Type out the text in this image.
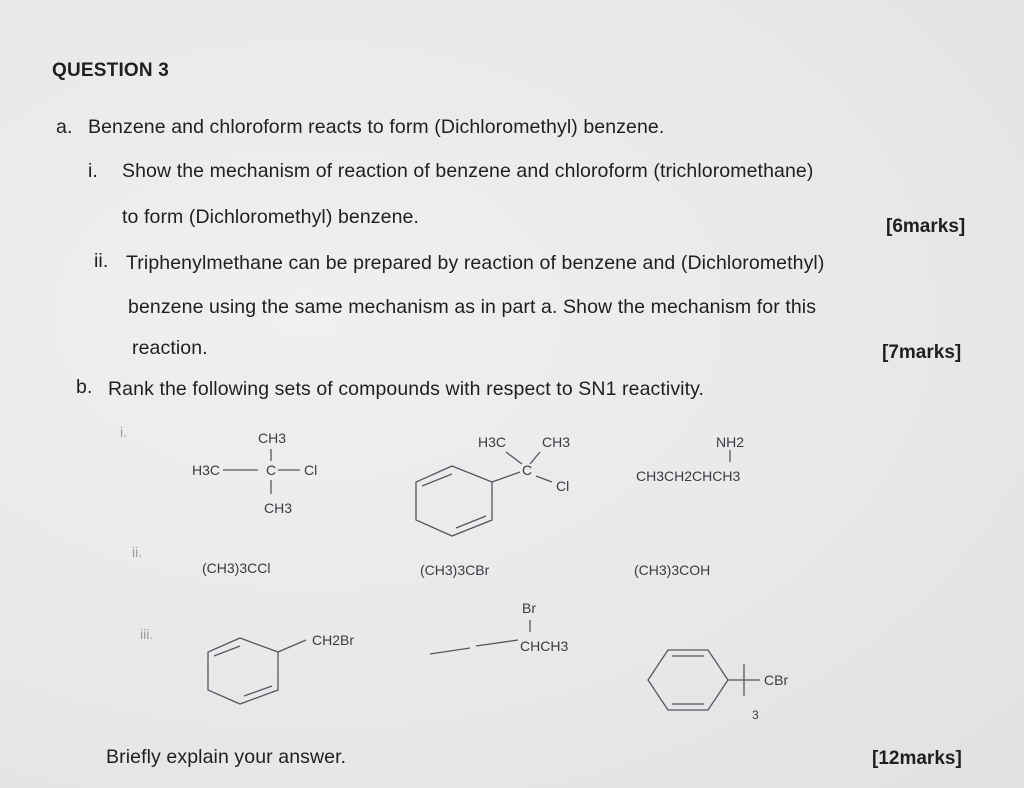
QUESTION 3
a. Benzene and chloroform reacts to form (Dichloromethyl) benzene.
i. Show the mechanism of reaction of benzene and chloroform (trichloromethane)
to form (Dichloromethyl) benzene.	[6marks]
ii. Triphenylmethane can be prepared by reaction of benzene and (Dichloromethyl)
benzene using the same mechanism as in part a. Show the mechanism for this
reaction.	[7marks]
b. Rank the following sets of compounds with respect to SN1 reactivity.
i.	CH3
H3C	C Cl
CH3
H3C	CH3
C
Cl
NH2
CH3CH2CHCH3
ii.
(CH3)3CCl	(CH3)3CBr	(CH3)3COH
iii.	CH2Br
Br
CHCH3
CBr
3
Briefly explain your answer.	[12marks]
